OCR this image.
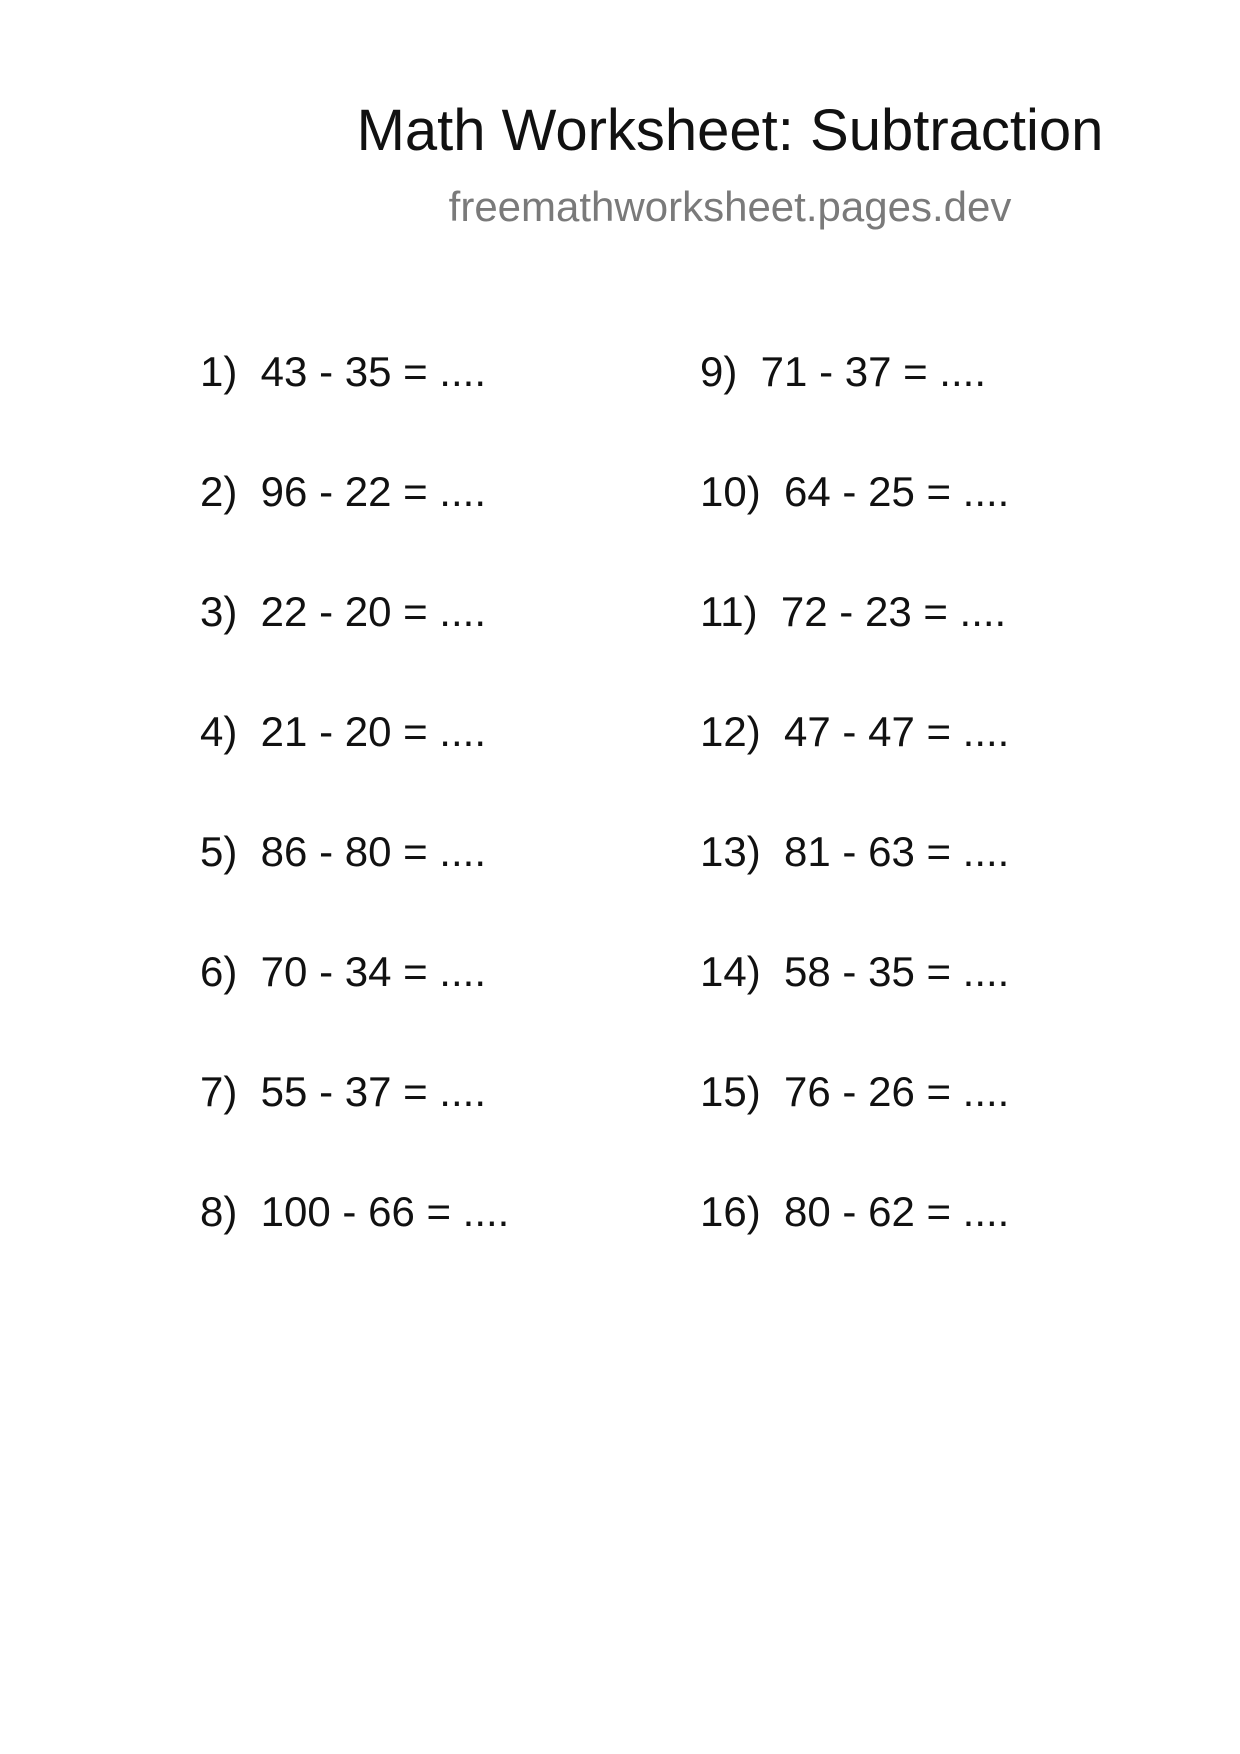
Math Worksheet: Subtraction
freemathworksheet.pages.dev
1)  43 - 35 = ....
2)  96 - 22 = ....
3)  22 - 20 = ....
4)  21 - 20 = ....
5)  86 - 80 = ....
6)  70 - 34 = ....
7)  55 - 37 = ....
8)  100 - 66 = ....
9)  71 - 37 = ....
10)  64 - 25 = ....
11)  72 - 23 = ....
12)  47 - 47 = ....
13)  81 - 63 = ....
14)  58 - 35 = ....
15)  76 - 26 = ....
16)  80 - 62 = ....
